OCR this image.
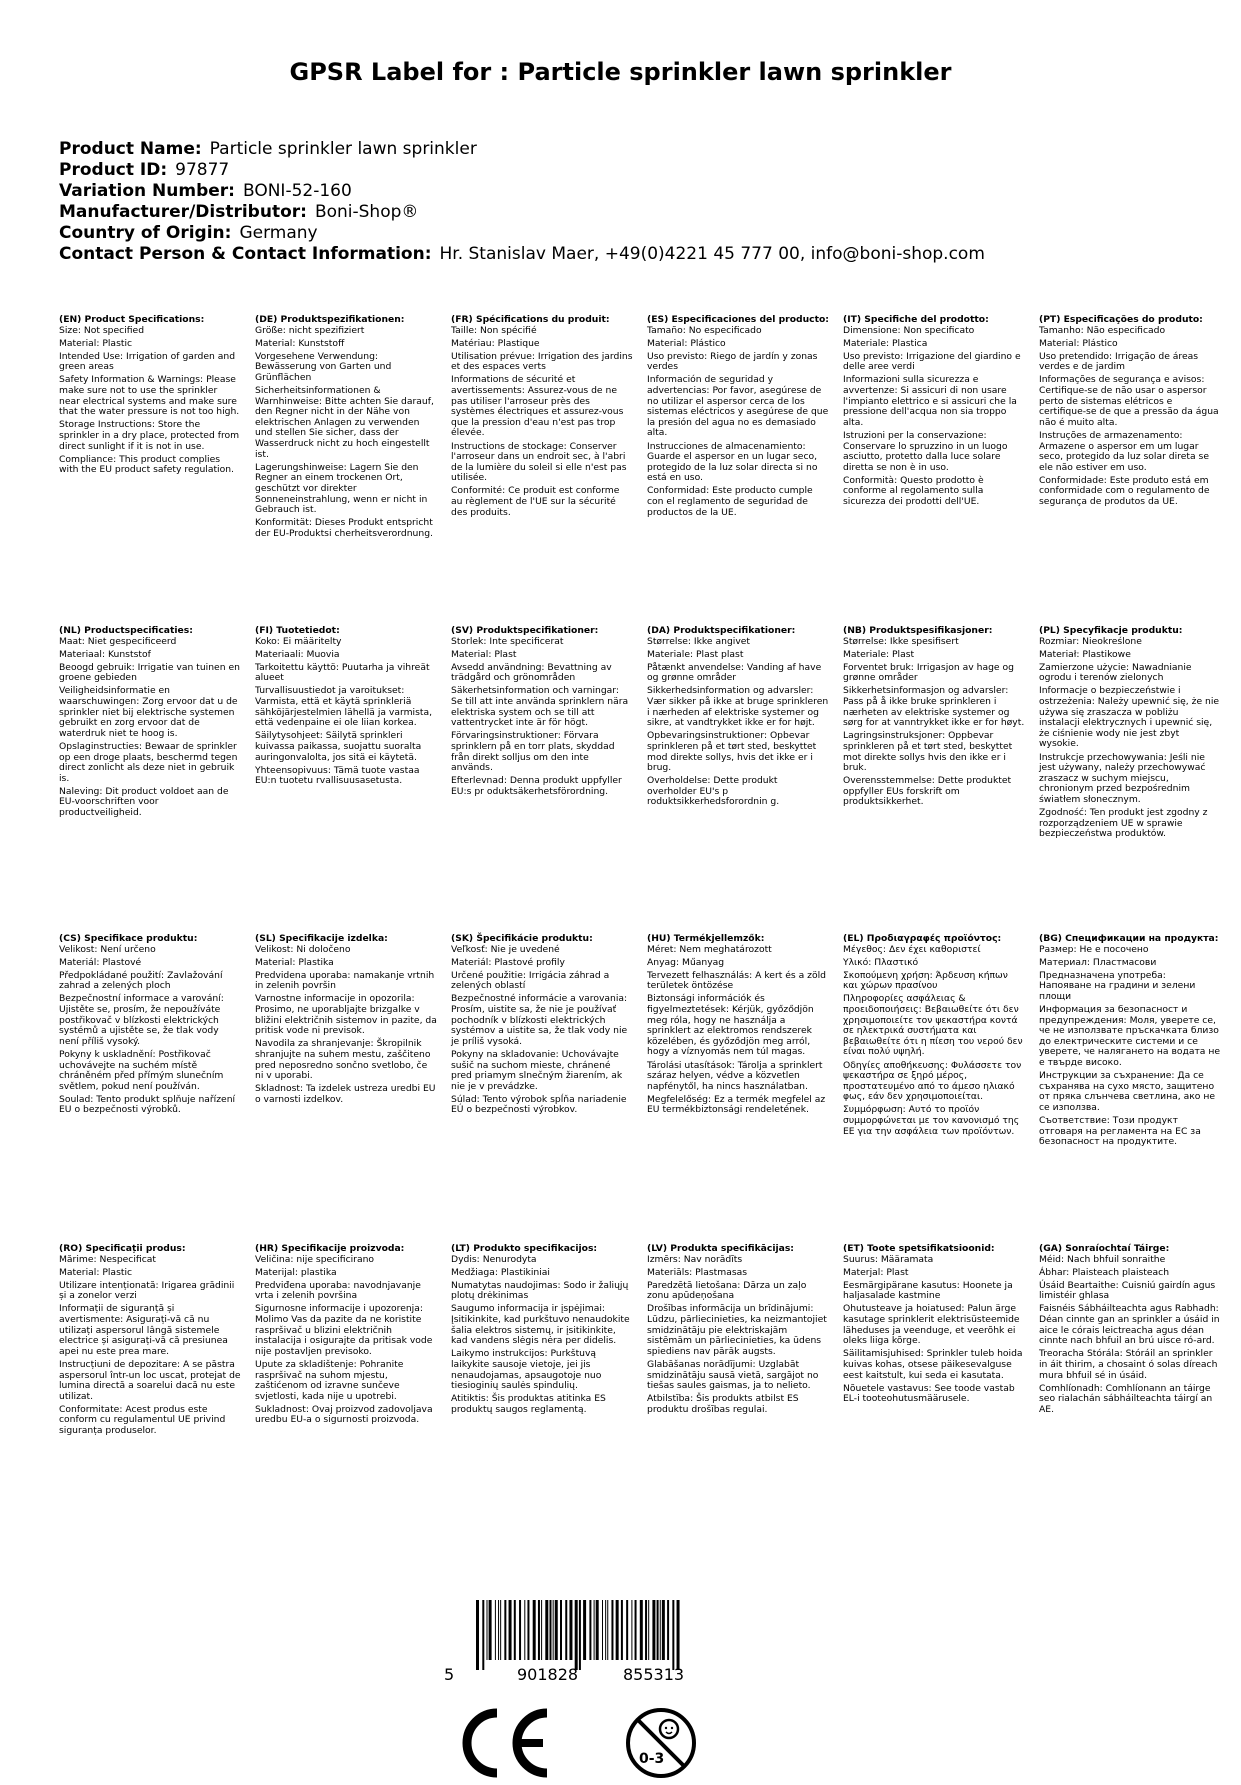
GPSR Label for : Particle sprinkler lawn sprinkler
Product Name: Particle sprinkler lawn sprinkler
Product ID: 97877
Variation Number: BONI-52-160
Manufacturer/Distributor: Boni-Shop®
Country of Origin: Germany
Contact Person & Contact Information: Hr. Stanislav Maer, +49(0)4221 45 777 00, info@boni-shop.com
(EN) Product Specifications:
Size: Not specified
Material: Plastic
Intended Use: Irrigation of garden and green areas
Safety Information & Warnings: Please make sure not to use the sprinkler near electrical systems and make sure that the water pressure is not too high.
Storage Instructions: Store the sprinkler in a dry place, protected from direct sunlight if it is not in use.
Compliance: This product complies with the EU product safety regulation.
(DE) Produktspezifikationen:
Größe: nicht spezifiziert
Material: Kunststoff
Vorgesehene Verwendung: Bewässerung von Garten und Grünflächen
Sicherheitsinformationen & Warnhinweise: Bitte achten Sie darauf, den Regner nicht in der Nähe von elektrischen Anlagen zu verwenden und stellen Sie sicher, dass der Wasserdruck nicht zu hoch eingestellt ist.
Lagerungshinweise: Lagern Sie den Regner an einem trockenen Ort, geschützt vor direkter Sonneneinstrahlung, wenn er nicht in Gebrauch ist.
Konformität: Dieses Produkt entspricht der EU-Produktsi cherheitsverordnung.
(FR) Spécifications du produit:
Taille: Non spécifié
Matériau: Plastique
Utilisation prévue: Irrigation des jardins et des espaces verts
Informations de sécurité et avertissements: Assurez-vous de ne pas utiliser l'arroseur près des systèmes électriques et assurez-vous que la pression d'eau n'est pas trop élevée.
Instructions de stockage: Conserver l'arroseur dans un endroit sec, à l'abri de la lumière du soleil si elle n'est pas utilisée.
Conformité: Ce produit est conforme au règlement de l'UE sur la sécurité des produits.
(ES) Especificaciones del producto:
Tamaño: No especificado
Material: Plástico
Uso previsto: Riego de jardín y zonas verdes
Información de seguridad y advertencias: Por favor, asegúrese de no utilizar el aspersor cerca de los sistemas eléctricos y asegúrese de que la presión del agua no es demasiado alta.
Instrucciones de almacenamiento: Guarde el aspersor en un lugar seco, protegido de la luz solar directa si no está en uso.
Conformidad: Este producto cumple con el reglamento de seguridad de productos de la UE.
(IT) Specifiche del prodotto:
Dimensione: Non specificato
Materiale: Plastica
Uso previsto: Irrigazione del giardino e delle aree verdi
Informazioni sulla sicurezza e avvertenze: Si assicuri di non usare l'impianto elettrico e si assicuri che la pressione dell'acqua non sia troppo alta.
Istruzioni per la conservazione: Conservare lo spruzzino in un luogo asciutto, protetto dalla luce solare diretta se non è in uso.
Conformità: Questo prodotto è conforme al regolamento sulla sicurezza dei prodotti dell'UE.
(PT) Especificações do produto:
Tamanho: Não especificado
Material: Plástico
Uso pretendido: Irrigação de áreas verdes e de jardim
Informações de segurança e avisos: Certifique-se de não usar o aspersor perto de sistemas elétricos e certifique-se de que a pressão da água não é muito alta.
Instruções de armazenamento: Armazene o aspersor em um lugar seco, protegido da luz solar direta se ele não estiver em uso.
Conformidade: Este produto está em conformidade com o regulamento de segurança de produtos da UE.
(NL) Productspecificaties:
Maat: Niet gespecificeerd
Materiaal: Kunststof
Beoogd gebruik: Irrigatie van tuinen en groene gebieden
Veiligheidsinformatie en waarschuwingen: Zorg ervoor dat u de sprinkler niet bij elektrische systemen gebruikt en zorg ervoor dat de waterdruk niet te hoog is.
Opslaginstructies: Bewaar de sprinkler op een droge plaats, beschermd tegen direct zonlicht als deze niet in gebruik is.
Naleving: Dit product voldoet aan de EU-voorschriften voor productveiligheid.
(FI) Tuotetiedot:
Koko: Ei määritelty
Materiaali: Muovia
Tarkoitettu käyttö: Puutarha ja vihreät alueet
Turvallisuustiedot ja varoitukset: Varmista, että et käytä sprinkleriä sähköjärjestelmien lähellä ja varmista, että vedenpaine ei ole liian korkea.
Säilytysohjeet: Säilytä sprinkleri kuivassa paikassa, suojattu suoralta auringonvalolta, jos sitä ei käytetä.
Yhteensopivuus: Tämä tuote vastaa EU:n tuotetu rvallisuusasetusta.
(SV) Produktspecifikationer:
Storlek: Inte specificerat
Material: Plast
Avsedd användning: Bevattning av trädgård och grönområden
Säkerhetsinformation och varningar: Se till att inte använda sprinklern nära elektriska system och se till att vattentrycket inte är för högt.
Förvaringsinstruktioner: Förvara sprinklern på en torr plats, skyddad från direkt solljus om den inte används.
Efterlevnad: Denna produkt uppfyller EU:s pr oduktsäkerhetsförordning.
(DA) Produktspecifikationer:
Størrelse: Ikke angivet
Materiale: Plast plast
Påtænkt anvendelse: Vanding af have og grønne områder
Sikkerhedsinformation og advarsler: Vær sikker på ikke at bruge sprinkleren i nærheden af elektriske systemer og sikre, at vandtrykket ikke er for højt.
Opbevaringsinstruktioner: Opbevar sprinkleren på et tørt sted, beskyttet mod direkte sollys, hvis det ikke er i brug.
Overholdelse: Dette produkt overholder EU's p roduktsikkerhedsforordnin g.
(NB) Produktspesifikasjoner:
Størrelse: Ikke spesifisert
Materiale: Plast
Forventet bruk: Irrigasjon av hage og grønne områder
Sikkerhetsinformasjon og advarsler: Pass på å ikke bruke sprinkleren i nærheten av elektriske systemer og sørg for at vanntrykket ikke er for høyt.
Lagringsinstruksjoner: Oppbevar sprinkleren på et tørt sted, beskyttet mot direkte sollys hvis den ikke er i bruk.
Overensstemmelse: Dette produktet oppfyller EUs forskrift om produktsikkerhet.
(PL) Specyfikacje produktu:
Rozmiar: Nieokreślone
Materiał: Plastikowe
Zamierzone użycie: Nawadnianie ogrodu i terenów zielonych
Informacje o bezpieczeństwie i ostrzeżenia: Należy upewnić się, że nie używa się zraszacza w pobliżu instalacji elektrycznych i upewnić się, że ciśnienie wody nie jest zbyt wysokie.
Instrukcje przechowywania: Jeśli nie jest używany, należy przechowywać zraszacz w suchym miejscu, chronionym przed bezpośrednim światłem słonecznym.
Zgodność: Ten produkt jest zgodny z rozporządzeniem UE w sprawie bezpieczeństwa produktów.
(CS) Specifikace produktu:
Velikost: Není určeno
Materiál: Plastové
Předpokládané použití: Zavlažování zahrad a zelených ploch
Bezpečnostní informace a varování: Ujistěte se, prosím, že nepoužíváte postřikovač v blízkosti elektrických systémů a ujistěte se, že tlak vody není příliš vysoký.
Pokyny k uskladnění: Postřikovač uchovávejte na suchém místě chráněném před přímým slunečním světlem, pokud není používán.
Soulad: Tento produkt splňuje nařízení EU o bezpečnosti výrobků.
(SL) Specifikacije izdelka:
Velikost: Ni določeno
Material: Plastika
Predvidena uporaba: namakanje vrtnih in zelenih površin
Varnostne informacije in opozorila: Prosimo, ne uporabljajte brizgalke v bližini električnih sistemov in pazite, da pritisk vode ni previsok.
Navodila za shranjevanje: Škropilnik shranjujte na suhem mestu, zaščiteno pred neposredno sončno svetlobo, če ni v uporabi.
Skladnost: Ta izdelek ustreza uredbi EU o varnosti izdelkov.
(SK) Špecifikácie produktu:
Veľkosť: Nie je uvedené
Materiál: Plastové profily
Určené použitie: Irrigácia záhrad a zelených oblastí
Bezpečnostné informácie a varovania: Prosím, uistite sa, že nie je používať pochodník v blízkosti elektrických systémov a uistite sa, že tlak vody nie je príliš vysoká.
Pokyny na skladovanie: Uchovávajte sušič na suchom mieste, chránené pred priamym slnečným žiarením, ak nie je v prevádzke.
Súlad: Tento výrobok spĺňa nariadenie EÚ o bezpečnosti výrobkov.
(HU) Termékjellemzők:
Méret: Nem meghatározott
Anyag: Műanyag
Tervezett felhasználás: A kert és a zöld területek öntözése
Biztonsági információk és figyelmeztetések: Kérjük, győződjön meg róla, hogy ne használja a sprinklert az elektromos rendszerek közelében, és győződjön meg arról, hogy a víznyomás nem túl magas.
Tárolási utasítások: Tárolja a sprinklert száraz helyen, védve a közvetlen napfénytől, ha nincs használatban.
Megfelelőség: Ez a termék megfelel az EU termékbiztonsági rendeletének.
(EL) Προδιαγραφές προϊόντος:
Μέγεθος: Δεν έχει καθοριστεί
Υλικό: Πλαστικό
Σκοπούμενη χρήση: Άρδευση κήπων και χώρων πρασίνου
Πληροφορίες ασφάλειας & προειδοποιήσεις: Βεβαιωθείτε ότι δεν χρησιμοποιείτε τον ψεκαστήρα κοντά σε ηλεκτρικά συστήματα και βεβαιωθείτε ότι η πίεση του νερού δεν είναι πολύ υψηλή.
Οδηγίες αποθήκευσης: Φυλάσσετε τον ψεκαστήρα σε ξηρό μέρος, προστατευμένο από το άμεσο ηλιακό φως, εάν δεν χρησιμοποιείται.
Συμμόρφωση: Αυτό το προϊόν συμμορφώνεται με τον κανονισμό της ΕΕ για την ασφάλεια των προϊόντων.
(BG) Спецификации на продукта:
Размер: Не е посочено
Материал: Пластмасови
Предназначена употреба: Напояване на градини и зелени площи
Информация за безопасност и предупреждения: Моля, уверете се, че не използвате пръскачката близо до електрическите системи и се уверете, че налягането на водата не е твърде високо.
Инструкции за съхранение: Да се съхранява на сухо място, защитено от пряка слънчева светлина, ако не се използва.
Съответствие: Този продукт отговаря на регламента на ЕС за безопасност на продуктите.
(RO) Specificații produs:
Mărime: Nespecificat
Material: Plastic
Utilizare intenționată: Irigarea grădinii și a zonelor verzi
Informații de siguranță și avertismente: Asigurați-vă că nu utilizați aspersorul lângă sistemele electrice și asigurați-vă că presiunea apei nu este prea mare.
Instrucțiuni de depozitare: A se păstra aspersorul într-un loc uscat, protejat de lumina directă a soarelui dacă nu este utilizat.
Conformitate: Acest produs este conform cu regulamentul UE privind siguranța produselor.
(HR) Specifikacije proizvoda:
Veličina: nije specificirano
Materijal: plastika
Predviđena uporaba: navodnjavanje vrta i zelenih površina
Sigurnosne informacije i upozorenja: Molimo Vas da pazite da ne koristite raspršivač u blizini električnih instalacija i osigurajte da pritisak vode nije postavljen previsoko.
Upute za skladištenje: Pohranite raspršivač na suhom mjestu, zaštićenom od izravne sunčeve svjetlosti, kada nije u upotrebi.
Sukladnost: Ovaj proizvod zadovoljava uredbu EU-a o sigurnosti proizvoda.
(LT) Produkto specifikacijos:
Dydis: Nenurodyta
Medžiaga: Plastikiniai
Numatytas naudojimas: Sodo ir žaliųjų plotų drėkinimas
Saugumo informacija ir įspėjimai: Įsitikinkite, kad purkštuvo nenaudokite šalia elektros sistemų, ir įsitikinkite, kad vandens slėgis nėra per didelis.
Laikymo instrukcijos: Purkštuvą laikykite sausoje vietoje, jei jis nenaudojamas, apsaugotoje nuo tiesioginių saulės spindulių.
Atitiktis: Šis produktas atitinka ES produktų saugos reglamentą.
(LV) Produkta specifikācijas:
Izmērs: Nav norādīts
Materiāls: Plastmasas
Paredzētā lietošana: Dārza un zaļo zonu apūdeņošana
Drošības informācija un brīdinājumi: Lūdzu, pārliecinieties, ka neizmantojiet smidzinātāju pie elektriskajām sistēmām un pārliecinieties, ka ūdens spiediens nav pārāk augsts.
Glabāšanas norādījumi: Uzglabāt smidzinātāju sausā vietā, sargājot no tiešas saules gaismas, ja to nelieto.
Atbilstība: Šis produkts atbilst ES produktu drošības regulai.
(ET) Toote spetsifikatsioonid:
Suurus: Määramata
Materjal: Plast
Eesmärgipärane kasutus: Hoonete ja haljasalade kastmine
Ohutusteave ja hoiatused: Palun ärge kasutage sprinklerit elektrisüsteemide läheduses ja veenduge, et veerõhk ei oleks liiga kõrge.
Säilitamisjuhised: Sprinkler tuleb hoida kuivas kohas, otsese päikesevalguse eest kaitstult, kui seda ei kasutata.
Nõuetele vastavus: See toode vastab EL-i tooteohutusmäärusele.
(GA) Sonraíochtaí Táirge:
Méid: Nach bhfuil sonraithe
Ábhar: Plaisteach plaisteach
Úsáid Beartaithe: Cuisniú gairdín agus limistéir ghlasa
Faisnéis Sábháilteachta agus Rabhadh: Déan cinnte gan an sprinkler a úsáid in aice le córais leictreacha agus déan cinnte nach bhfuil an brú uisce ró-ard.
Treoracha Stórála: Stóráil an sprinkler in áit thirim, a chosaint ó solas díreach mura bhfuil sé in úsáid.
Comhlíonadh: Comhlíonann an táirge seo rialachán sábháilteachta táirgí an AE.
5	901828	855313
0-3
